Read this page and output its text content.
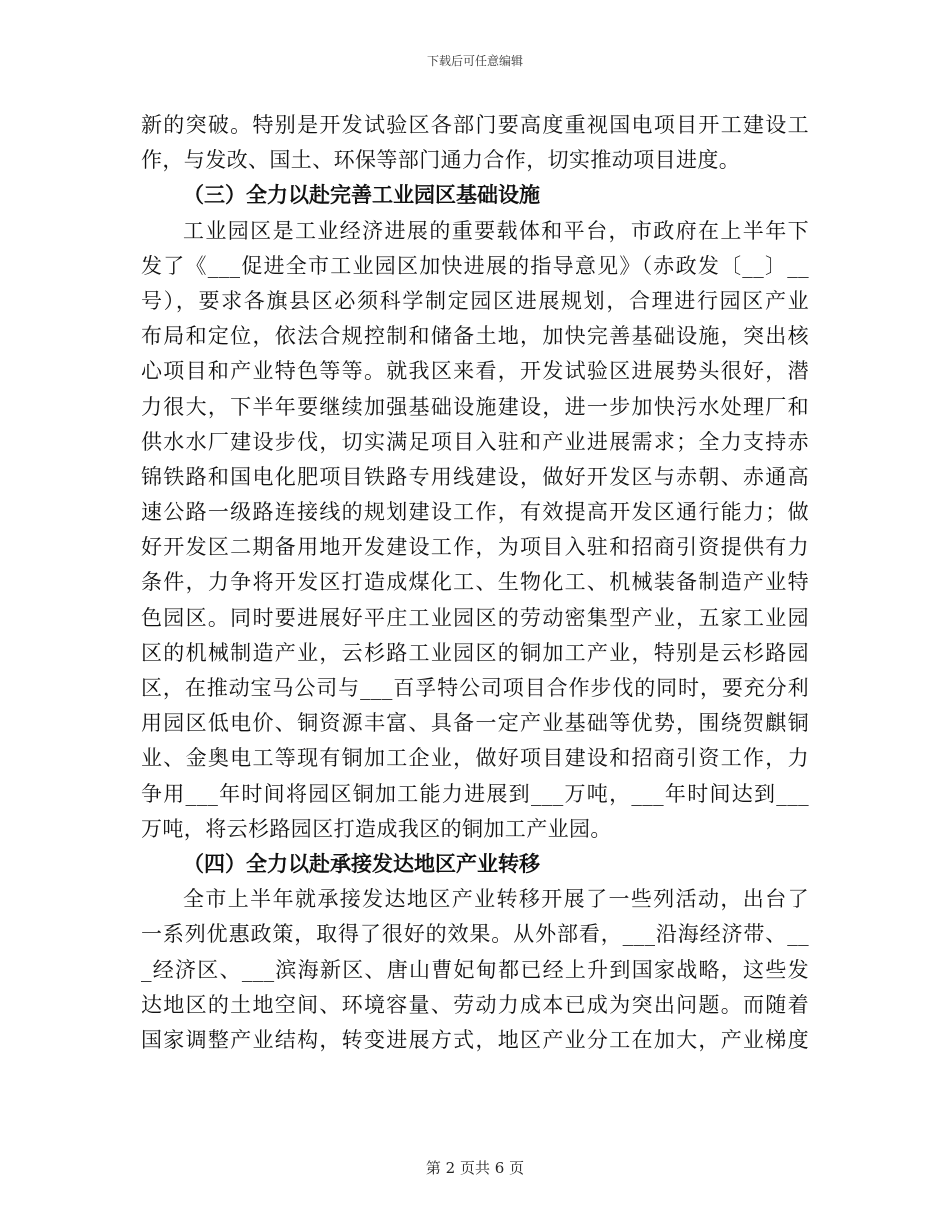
下载后可任意编辑
新的突破。特别是开发试验区各部门要高度重视国电项目开工建设工
作，与发改、国土、环保等部门通力合作，切实推动项目进度。
（三）全力以赴完善工业园区基础设施
工业园区是工业经济进展的重要载体和平台，市政府在上半年下
发了《___促进全市工业园区加快进展的指导意见》（赤政发〔__〕__
号），要求各旗县区必须科学制定园区进展规划，合理进行园区产业
布局和定位，依法合规控制和储备土地，加快完善基础设施，突出核
心项目和产业特色等等。就我区来看，开发试验区进展势头很好，潜
力很大，下半年要继续加强基础设施建设，进一步加快污水处理厂和
供水水厂建设步伐，切实满足项目入驻和产业进展需求；全力支持赤
锦铁路和国电化肥项目铁路专用线建设，做好开发区与赤朝、赤通高
速公路一级路连接线的规划建设工作，有效提高开发区通行能力；做
好开发区二期备用地开发建设工作，为项目入驻和招商引资提供有力
条件，力争将开发区打造成煤化工、生物化工、机械装备制造产业特
色园区。同时要进展好平庄工业园区的劳动密集型产业，五家工业园
区的机械制造产业，云杉路工业园区的铜加工产业，特别是云杉路园
区，在推动宝马公司与___百孚特公司项目合作步伐的同时，要充分利
用园区低电价、铜资源丰富、具备一定产业基础等优势，围绕贺麒铜
业、金奥电工等现有铜加工企业，做好项目建设和招商引资工作，力
争用___年时间将园区铜加工能力进展到___万吨，___年时间达到___
万吨，将云杉路园区打造成我区的铜加工产业园。
（四）全力以赴承接发达地区产业转移
全市上半年就承接发达地区产业转移开展了一些列活动，出台了
一系列优惠政策，取得了很好的效果。从外部看，___沿海经济带、__
_经济区、___滨海新区、唐山曹妃甸都已经上升到国家战略，这些发
达地区的土地空间、环境容量、劳动力成本已成为突出问题。而随着
国家调整产业结构，转变进展方式，地区产业分工在加大，产业梯度
第 2 页共 6 页
